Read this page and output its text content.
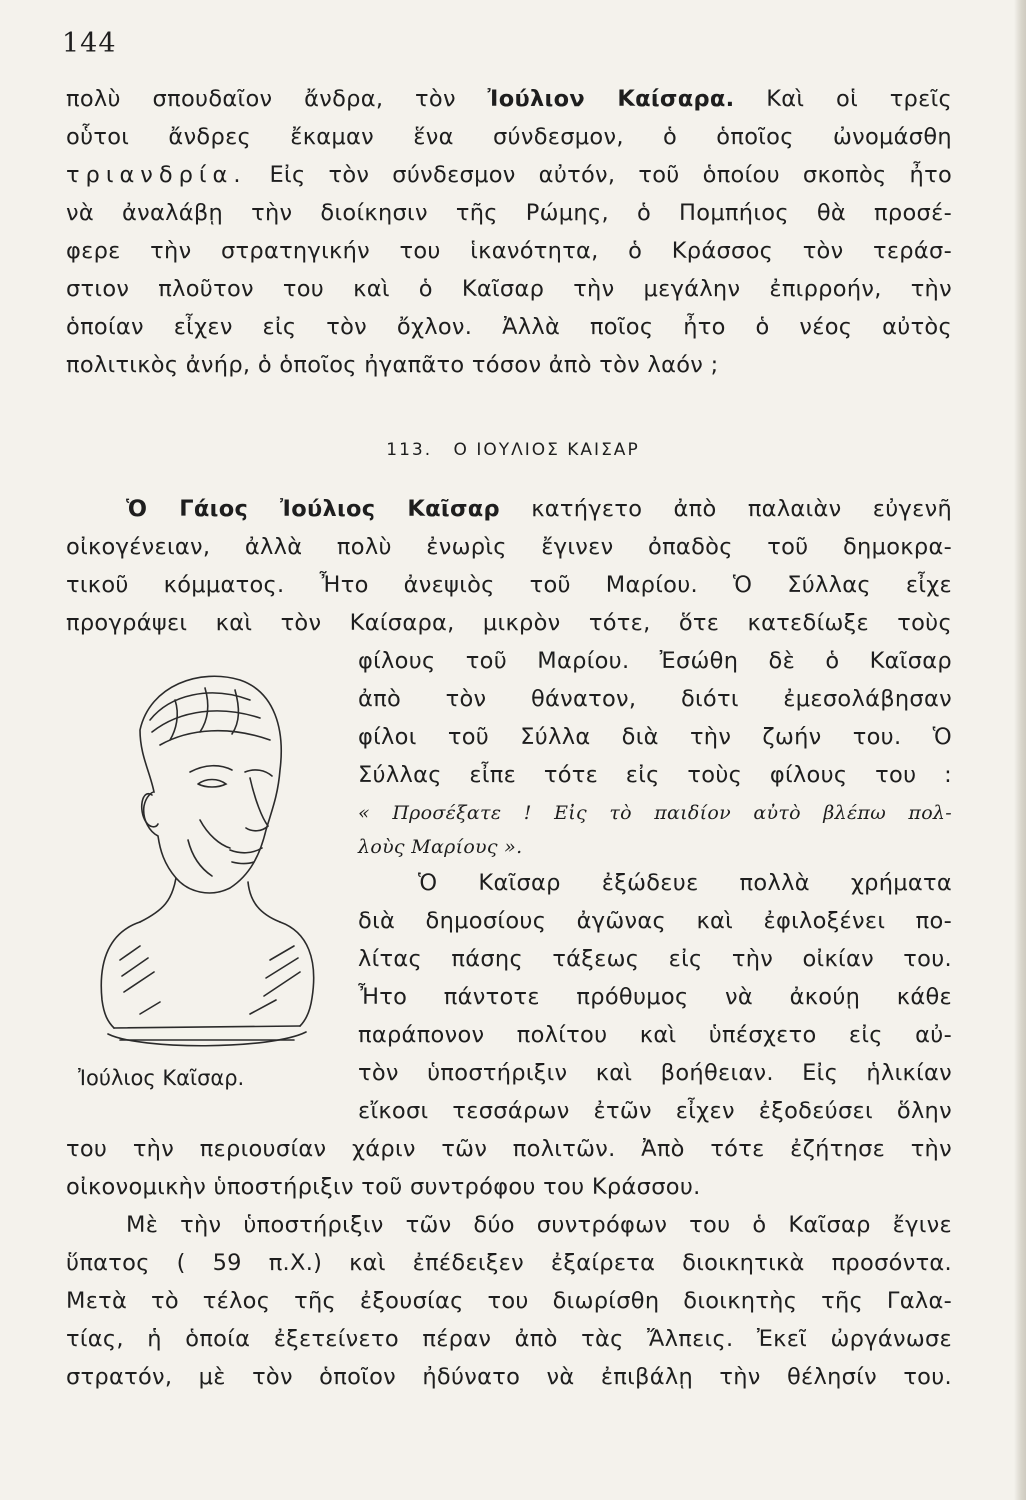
144
πολὺ σπουδαῖον ἄνδρα, τὸν Ἰούλιον Καίσαρα. Καὶ οἱ τρεῖς
οὗτοι ἄνδρες ἔκαμαν ἕνα σύνδεσμον, ὁ ὁποῖος ὠνομάσθη
τριανδρία. Εἰς τὸν σύνδεσμον αὐτόν, τοῦ ὁποίου σκοπὸς ἦτο
νὰ ἀναλάβῃ τὴν διοίκησιν τῆς Ρώμης, ὁ Πομπήιος θὰ προσέ-
φερε τὴν στρατηγικήν του ἱκανότητα, ὁ Κράσσος τὸν τεράσ-
στιον πλοῦτον του καὶ ὁ Καῖσαρ τὴν μεγάλην ἐπιρροήν, τὴν
ὁποίαν εἶχεν εἰς τὸν ὄχλον. Ἀλλὰ ποῖος ἦτο ὁ νέος αὐτὸς
πολιτικὸς ἀνήρ, ὁ ὁποῖος ἠγαπᾶτο τόσον ἀπὸ τὸν λαόν ;
113. Ο ΙΟΥΛΙΟΣ ΚΑΙΣΑΡ
Ὁ Γάιος Ἰούλιος Καῖσαρ κατήγετο ἀπὸ παλαιὰν εὐγενῆ
οἰκογένειαν, ἀλλὰ πολὺ ἐνωρὶς ἔγινεν ὀπαδὸς τοῦ δημοκρα-
τικοῦ κόμματος. Ἦτο ἀνεψιὸς τοῦ Μαρίου. Ὁ Σύλλας εἶχε
προγράψει καὶ τὸν Καίσαρα, μικρὸν τότε, ὅτε κατεδίωξε τοὺς
φίλους τοῦ Μαρίου. Ἐσώθη δὲ ὁ Καῖσαρ
ἀπὸ τὸν θάνατον, διότι ἐμεσολάβησαν
φίλοι τοῦ Σύλλα διὰ τὴν ζωήν του. Ὁ
Σύλλας εἶπε τότε εἰς τοὺς φίλους του :
« Προσέξατε ! Εἰς τὸ παιδίον αὐτὸ βλέπω πολ-
λοὺς Μαρίους ».
Ὁ Καῖσαρ ἐξώδευε πολλὰ χρήματα
διὰ δημοσίους ἀγῶνας καὶ ἐφιλοξένει πο-
λίτας πάσης τάξεως εἰς τὴν οἰκίαν του.
Ἦτο πάντοτε πρόθυμος νὰ ἀκούῃ κάθε
παράπονον πολίτου καὶ ὑπέσχετο εἰς αὐ-
τὸν ὑποστήριξιν καὶ βοήθειαν. Εἰς ἡλικίαν
εἴκοσι τεσσάρων ἐτῶν εἶχεν ἐξοδεύσει ὅλην
του τὴν περιουσίαν χάριν τῶν πολιτῶν. Ἀπὸ τότε ἐζήτησε τὴν
οἰκονομικὴν ὑποστήριξιν τοῦ συντρόφου του Κράσσου.
Μὲ τὴν ὑποστήριξιν τῶν δύο συντρόφων του ὁ Καῖσαρ ἔγινε
ὕπατος ( 59 π.Χ.) καὶ ἐπέδειξεν ἐξαίρετα διοικητικὰ προσόντα.
Μετὰ τὸ τέλος τῆς ἐξουσίας του διωρίσθη διοικητὴς τῆς Γαλα-
τίας, ἡ ὁποία ἐξετείνετο πέραν ἀπὸ τὰς Ἄλπεις. Ἐκεῖ ὠργάνωσε
στρατόν, μὲ τὸν ὁποῖον ἠδύνατο νὰ ἐπιβάλῃ τὴν θέλησίν του.
Ἰούλιος Καῖσαρ.
